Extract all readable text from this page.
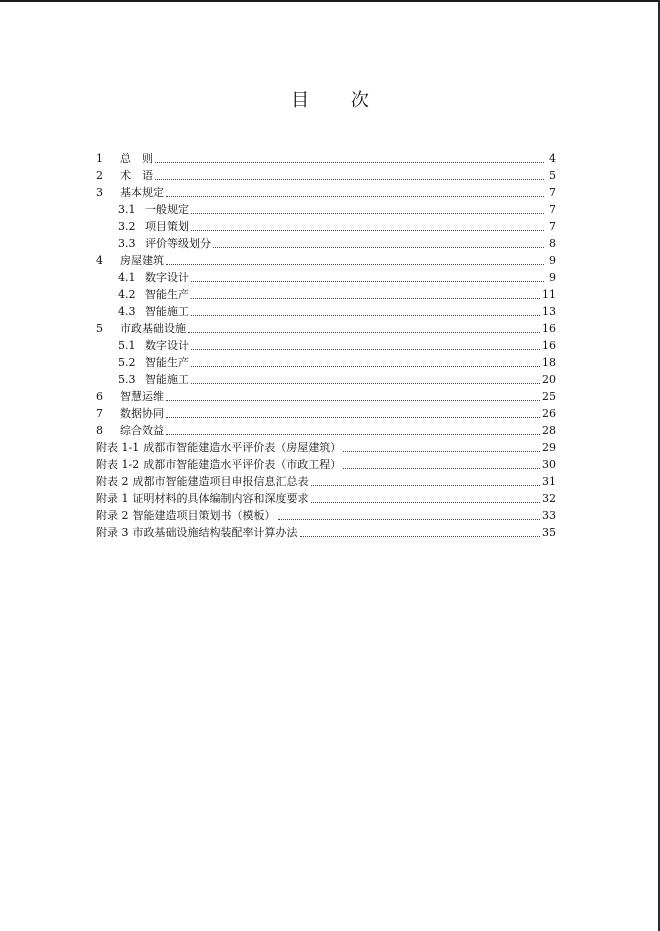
目 次
1	总　则	4
2	术　语	5
3	基本规定	7
3.1 一般规定	7
3.2 项目策划	7
3.3 评价等级划分	8
4	房屋建筑	9
4.1 数字设计	9
4.2 智能生产	11
4.3 智能施工	13
5	市政基础设施	16
5.1 数字设计	16
5.2 智能生产	18
5.3 智能施工	20
6	智慧运维	25
7	数据协同	26
8	综合效益	28
附表 1-1 成都市智能建造水平评价表（房屋建筑）	29
附表 1-2 成都市智能建造水平评价表（市政工程）	30
附表 2 成都市智能建造项目申报信息汇总表	31
附录 1 证明材料的具体编制内容和深度要求	32
附录 2 智能建造项目策划书（模板）	33
附录 3 市政基础设施结构装配率计算办法	35
